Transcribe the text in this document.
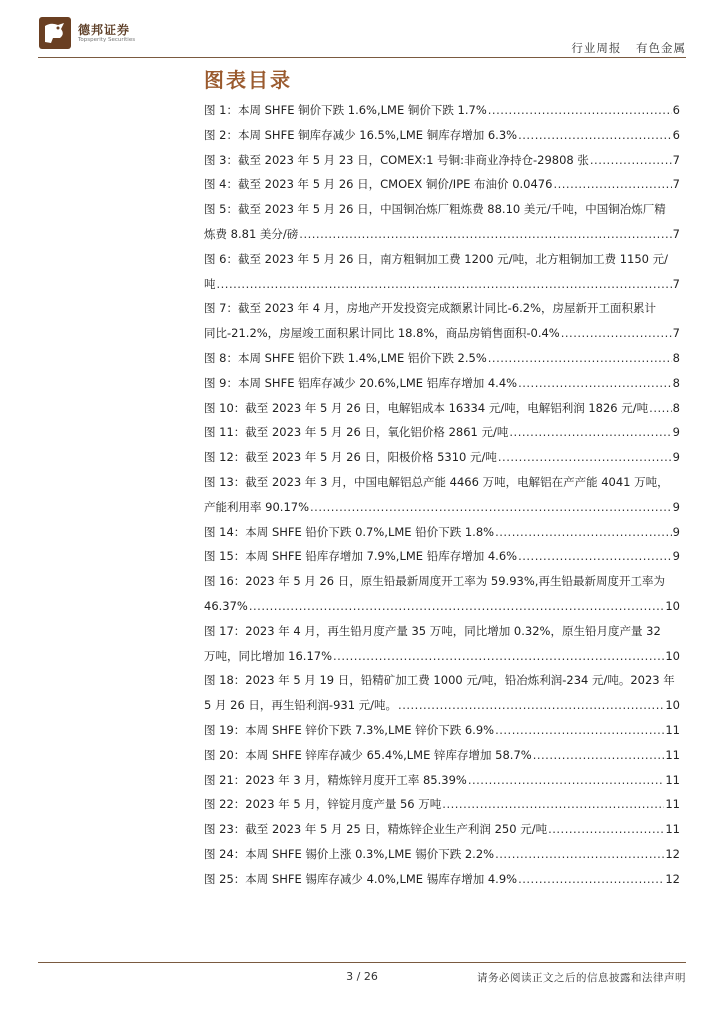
德邦证券
Topsperity Securities
行业周报 有色金属
图表目录
图 1：本周 SHFE 铜价下跌 1.6%,LME 铜价下跌 1.7% .....	6
图 2：本周 SHFE 铜库存减少 16.5%,LME 铜库存增加 6.3% .....	6
图 3：截至 2023 年 5 月 23 日，COMEX:1 号铜:非商业净持仓-29808 张 .....	7
图 4：截至 2023 年 5 月 26 日，CMOEX 铜价/IPE 布油价 0.0476 .....	7
图 5：截至 2023 年 5 月 26 日，中国铜冶炼厂粗炼费 88.10 美元/千吨，中国铜冶炼厂精
炼费 8.81 美分/磅 .....	7
图 6：截至 2023 年 5 月 26 日，南方粗铜加工费 1200 元/吨，北方粗铜加工费 1150 元/
吨 .....	7
图 7：截至 2023 年 4 月，房地产开发投资完成额累计同比-6.2%，房屋新开工面积累计
同比-21.2%，房屋竣工面积累计同比 18.8%，商品房销售面积-0.4% .....	7
图 8：本周 SHFE 铝价下跌 1.4%,LME 铝价下跌 2.5% .....	8
图 9：本周 SHFE 铝库存减少 20.6%,LME 铝库存增加 4.4% .....	8
图 10：截至 2023 年 5 月 26 日，电解铝成本 16334 元/吨，电解铝利润 1826 元/吨 ..... 8
图 11：截至 2023 年 5 月 26 日，氧化铝价格 2861 元/吨 .....	9
图 12：截至 2023 年 5 月 26 日，阳极价格 5310 元/吨 .....	9
图 13：截至 2023 年 3 月，中国电解铝总产能 4466 万吨，电解铝在产产能 4041 万吨，
产能利用率 90.17% .....	9
图 14：本周 SHFE 铅价下跌 0.7%,LME 铅价下跌 1.8% .....	9
图 15：本周 SHFE 铅库存增加 7.9%,LME 铅库存增加 4.6% .....	9
图 16：2023 年 5 月 26 日，原生铅最新周度开工率为 59.93%,再生铅最新周度开工率为
46.37% .....	10
图 17：2023 年 4 月，再生铅月度产量 35 万吨，同比增加 0.32%，原生铅月度产量 32
万吨，同比增加 16.17% .....	10
图 18：2023 年 5 月 19 日，铅精矿加工费 1000 元/吨，铅冶炼利润-234 元/吨。2023 年
5 月 26 日，再生铅利润-931 元/吨。 .....	10
图 19：本周 SHFE 锌价下跌 7.3%,LME 锌价下跌 6.9% .....	11
图 20：本周 SHFE 锌库存减少 65.4%,LME 锌库存增加 58.7% .....	11
图 21：2023 年 3 月，精炼锌月度开工率 85.39% .....	11
图 22：2023 年 5 月，锌锭月度产量 56 万吨 .....	11
图 23：截至 2023 年 5 月 25 日，精炼锌企业生产利润 250 元/吨 .....	11
图 24：本周 SHFE 锡价上涨 0.3%,LME 锡价下跌 2.2% .....	12
图 25：本周 SHFE 锡库存减少 4.0%,LME 锡库存增加 4.9% .....	12
3 / 26	请务必阅读正文之后的信息披露和法律声明
